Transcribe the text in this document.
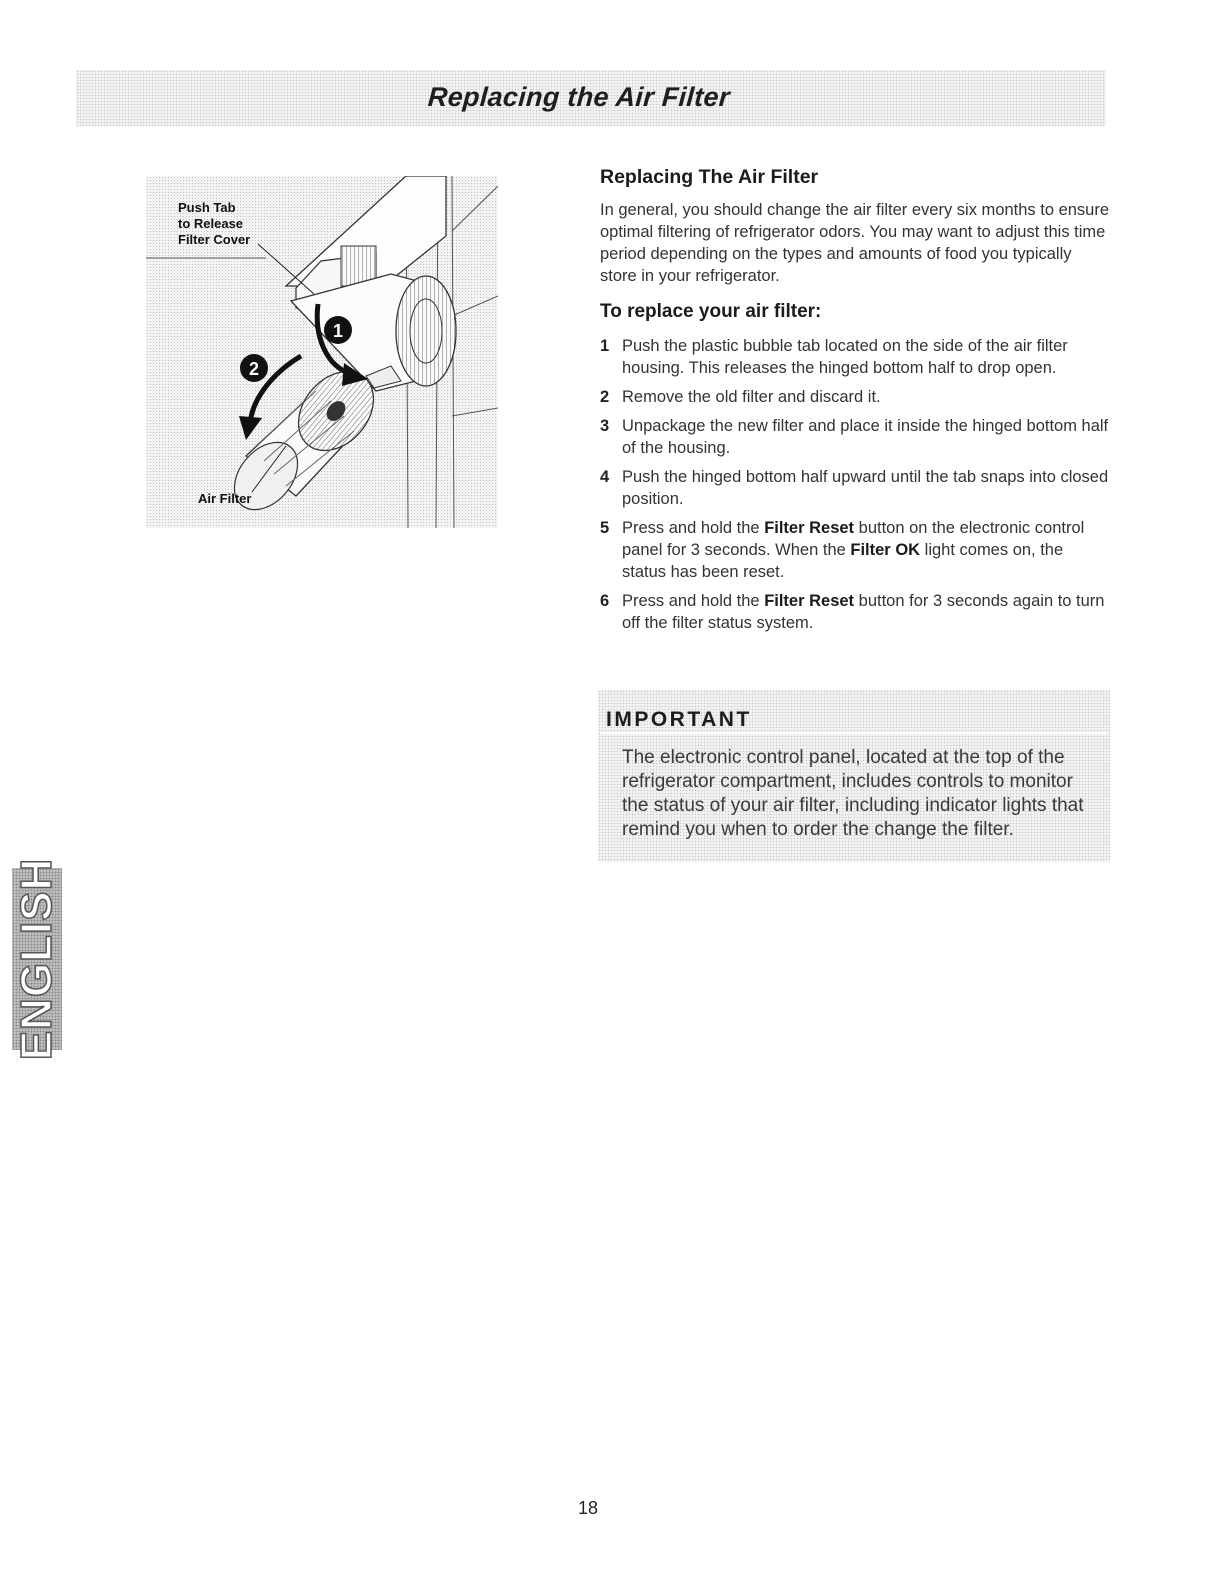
Replacing the Air Filter
1
2
Push Tab
to Release
Filter Cover
Air Filter
Replacing The Air Filter

In general, you should change the air filter every six months to ensure optimal filtering of refrigerator odors. You may want to adjust this time period depending on the types and amounts of food you typically store in your refrigerator.

To replace your air filter:
1 Push the plastic bubble tab located on the side of the air filter housing. This releases the hinged bottom half to drop open.
2 Remove the old filter and discard it.
3 Unpackage the new filter and place it inside the hinged bottom half of the housing.
4 Push the hinged bottom half upward until the tab snaps into closed position.
5 Press and hold the Filter Reset button on the electronic control panel for 3 seconds. When the Filter OK light comes on, the status has been reset.
6 Press and hold the Filter Reset button for 3 seconds again to turn off the filter status system.
IMPORTANT
The electronic control panel, located at the top of the refrigerator compartment, includes controls to monitor the status of your air filter, including indicator lights that remind you when to order the change the filter.
ENGLISH
18
